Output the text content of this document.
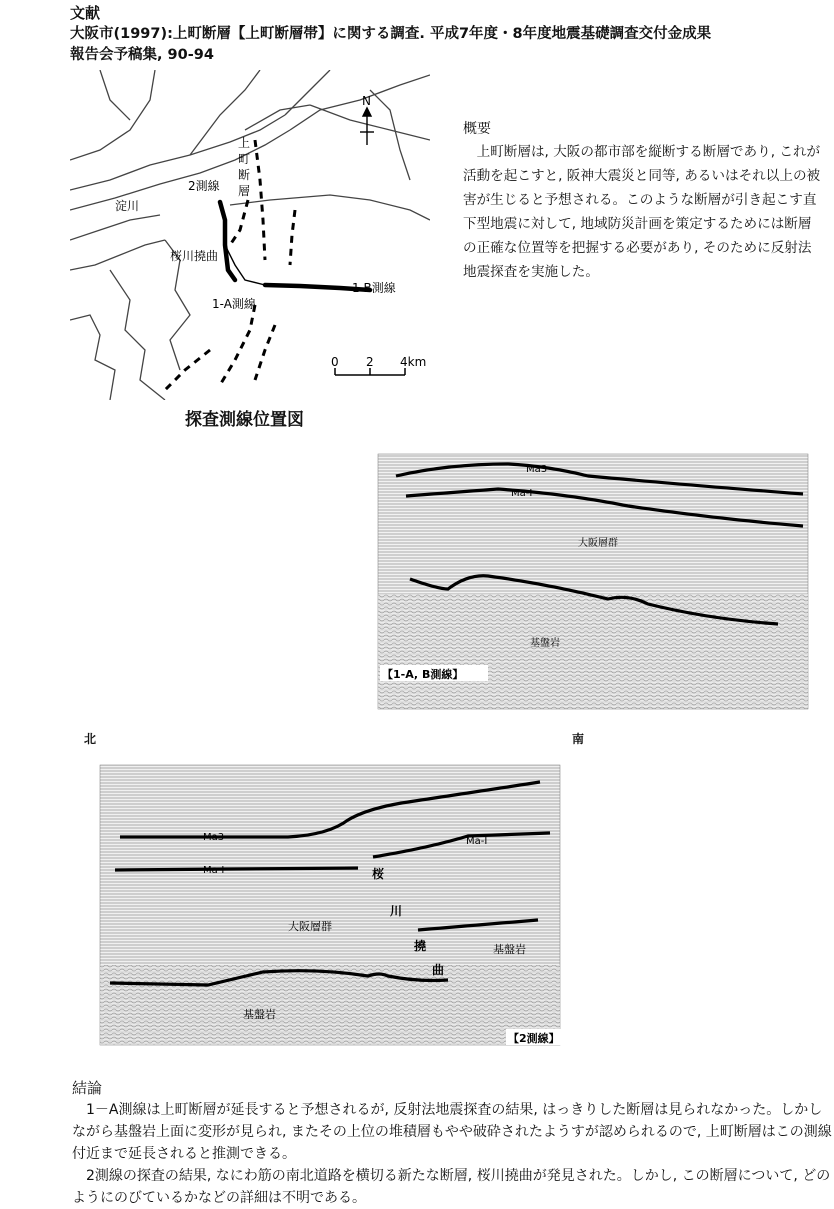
文献
大阪市(1997):上町断層【上町断層帯】に関する調査. 平成7年度・8年度地震基礎調査交付金成果
報告会予稿集, 90-94
淀川
2測線
上
町
断
層
桜川撓曲
1-A測線
1-B測線
N
0 2 4km
探査測線位置図
概要
上町断層は, 大阪の都市部を縦断する断層であり, これが活動を起こすと, 阪神大震災と同等, あるいはそれ以上の被害が生じると予想される。このような断層が引き起こす直下型地震に対して, 地域防災計画を策定するためには断層の正確な位置等を把握する必要があり, そのために反射法地震探査を実施した。
Ma3
Ma-I
大阪層群
基盤岩
【1-A, B測線】
北	南
Ma3
Ma-I
Ma-I
桜
川
撓
曲
大阪層群
基盤岩
基盤岩
【2測線】
結論
1－A測線は上町断層が延長すると予想されるが, 反射法地震探査の結果, はっきりした断層は見られなかった。しかしながら基盤岩上面に変形が見られ, またその上位の堆積層もやや破砕されたようすが認められるので, 上町断層はこの測線付近まで延長されると推測できる。
2測線の探査の結果, なにわ筋の南北道路を横切る新たな断層, 桜川撓曲が発見された。しかし, この断層について, どのようにのびているかなどの詳細は不明である。
